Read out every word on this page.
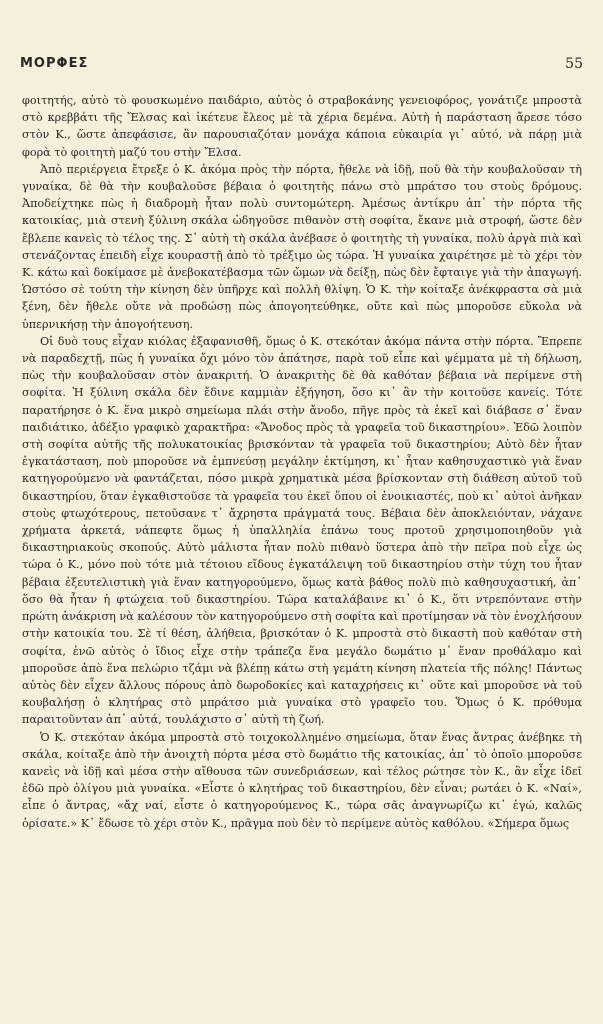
ΜΟΡΦΕΣ	55

φοιτητής, αὐτὸ τὸ φουσκωμένο παιδάριο, αὐτὸς ὁ στραβοκάνης γενειοφόρος, γονάτιζε μπροστὰ στὸ κρεββάτι τῆς Ἔλσας καὶ ἱκέτευε ἔλεος μὲ τὰ χέρια δεμένα. Αὐτὴ ἡ παράσταση ἄρεσε τόσο στὸν Κ., ὥστε ἀπεφάσισε, ἂν παρουσιαζόταν μονάχα κάποια εὐκαιρία γι᾿ αὐτό, νὰ πάρῃ μιὰ φορὰ τὸ φοιτητὴ μαζύ του στὴν Ἔλσα.

Ἀπὸ περιέργεια ἔτρεξε ὁ Κ. ἀκόμα πρὸς τὴν πόρτα, ἤθελε νὰ ἰδῇ, ποῦ θὰ τὴν κουβαλοῦσαν τὴ γυναίκα, δὲ θὰ τὴν κουβαλοῦσε βέβαια ὁ φοιτητὴς πάνω στὸ μπράτσο του στοὺς δρόμους. Ἀποδείχτηκε πὼς ἡ διαδρομὴ ἦταν πολὺ συντομώτερη. Ἀμέσως ἀντίκρυ ἀπ᾿ τὴν πόρτα τῆς κατοικίας, μιὰ στενὴ ξύλινη σκάλα ὡδηγοῦσε πιθανὸν στὴ σοφίτα, ἔκανε μιὰ στροφή, ὥστε δὲν ἔβλεπε κανεὶς τὸ τέλος της. Σ᾿ αὐτὴ τὴ σκάλα ἀνέβασε ὁ φοιτητὴς τὴ γυναίκα, πολὺ ἀργὰ πιὰ καὶ στενάζοντας ἐπειδὴ εἶχε κουραστῇ ἀπὸ τὸ τρέξιμο ὡς τώρα. Ἡ γυναίκα χαιρέτησε μὲ τὸ χέρι τὸν Κ. κάτω καὶ δοκίμασε μὲ ἀνεβοκατέβασμα τῶν ὤμων νὰ δείξῃ, πὼς δὲν ἔφταιγε γιὰ τὴν ἀπαγωγή. Ὡστόσο σὲ τούτη τὴν κίνηση δὲν ὑπῆρχε καὶ πολλὴ θλίψη. Ὁ Κ. τὴν κοίταξε ἀνέκφραστα σὰ μιὰ ξένη, δὲν ἤθελε οὔτε νὰ προδώσῃ πὼς ἀπογοητεύθηκε, οὔτε καὶ πὼς μποροῦσε εὔκολα νὰ ὑπερνικήσῃ τὴν ἀπογοήτευση.

Οἱ δυὸ τους εἶχαν κιόλας ἐξαφανισθῆ, ὅμως ὁ Κ. στεκόταν ἀκόμα πάντα στὴν πόρτα. Ἔπρεπε νὰ παραδεχτῇ, πὼς ἡ γυναίκα ὄχι μόνο τὸν ἀπάτησε, παρὰ τοῦ εἶπε καὶ ψέμματα μὲ τὴ δήλωση, πὼς τὴν κουβαλοῦσαν στὸν ἀνακριτή. Ὁ ἀνακριτὴς δὲ θὰ καθόταν βέβαια νὰ περίμενε στὴ σοφίτα. Ἡ ξύλινη σκάλα δὲν ἔδινε καμμιὰν ἐξήγηση, ὅσο κι᾿ ἂν τὴν κοιτοῦσε κανείς. Τότε παρατήρησε ὁ Κ. ἕνα μικρὸ σημείωμα πλάι στὴν ἄνοδο, πῆγε πρὸς τὰ ἐκεῖ καὶ διάβασε σ᾿ ἕναν παιδιάτικο, ἀδέξιο γραφικὸ χαρακτῆρα: «Ἄνοδος πρὸς τὰ γραφεῖα τοῦ δικαστηρίου». Ἐδῶ λοιπὸν στὴ σοφίτα αὐτῆς τῆς πολυκατοικίας βρισκόνταν τὰ γραφεῖα τοῦ δικαστηρίου; Αὐτὸ δὲν ἦταν ἐγκατάσταση, ποὺ μποροῦσε νὰ ἐμπνεύσῃ μεγάλην ἐκτίμηση, κι᾿ ἦταν καθησυχαστικὸ γιὰ ἕναν κατηγορούμενο νὰ φαντάζεται, πόσο μικρὰ χρηματικὰ μέσα βρίσκονταν στὴ διάθεση αὐτοῦ τοῦ δικαστηρίου, ὅταν ἐγκαθιστοῦσε τὰ γραφεῖα του ἐκεῖ ὅπου οἱ ἐνοικιαστές, ποὺ κι᾿ αὐτοὶ ἀνῆκαν στοὺς φτωχότερους, πετοῦσανε τ᾿ ἄχρηστα πράγματά τους. Βέβαια δὲν ἀποκλειόνταν, νάχανε χρήματα ἀρκετά, νάπεφτε ὅμως ἡ ὑπαλληλία ἐπάνω τους προτοῦ χρησιμοποιηθοῦν γιὰ δικαστηριακοὺς σκοπούς. Αὐτὸ μάλιστα ἦταν πολὺ πιθανὸ ὕστερα ἀπὸ τὴν πεῖρα ποὺ εἶχε ὡς τώρα ὁ Κ., μόνο ποὺ τότε μιὰ τέτοιου εἴδους ἐγκατάλειψη τοῦ δικαστηρίου στὴν τύχη του ἦταν βέβαια ἐξευτελιστικὴ γιὰ ἕναν κατηγορούμενο, ὅμως κατὰ βάθος πολὺ πιὸ καθησυχαστική, ἀπ᾿ ὅσο θὰ ἦταν ἡ φτώχεια τοῦ δικαστηρίου. Τώρα καταλάβαινε κι᾿ ὁ Κ., ὅτι ντρεπόντανε στὴν πρώτη ἀνάκριση νὰ καλέσουν τὸν κατηγορούμενο στὴ σοφίτα καὶ προτίμησαν νὰ τὸν ἐνοχλήσουν στὴν κατοικία του. Σὲ τί θέση, ἀλήθεια, βρισκόταν ὁ Κ. μπροστὰ στὸ δικαστὴ ποὺ καθόταν στὴ σοφίτα, ἐνῶ αὐτὸς ὁ ἴδιος εἶχε στὴν τράπεζα ἕνα μεγάλο δωμάτιο μ᾿ ἕναν προθάλαμο καὶ μποροῦσε ἀπὸ ἕνα πελώριο τζάμι νὰ βλέπῃ κάτω στὴ γεμάτη κίνηση πλατεία τῆς πόλης! Πάντως αὐτὸς δὲν εἶχεν ἄλλους πόρους ἀπὸ δωροδοκίες καὶ καταχρήσεις κι᾿ οὔτε καὶ μποροῦσε νὰ τοῦ κουβαλήσῃ ὁ κλητήρας στὸ μπράτσο μιὰ γυναίκα στὸ γραφεῖο του. Ὅμως ὁ Κ. πρόθυμα παραιτοῦνταν ἀπ᾿ αὐτά, τουλάχιστο σ᾿ αὐτὴ τὴ ζωή.

Ὁ Κ. στεκόταν ἀκόμα μπροστὰ στὸ τοιχοκολλημένο σημείωμα, ὅταν ἕνας ἄντρας ἀνέβηκε τὴ σκάλα, κοίταξε ἀπὸ τὴν ἀνοιχτὴ πόρτα μέσα στὸ δωμάτιο τῆς κατοικίας, ἀπ᾿ τὸ ὁποῖο μποροῦσε κανεὶς νὰ ἰδῇ καὶ μέσα στὴν αἴθουσα τῶν συνεδριάσεων, καὶ τέλος ρώτησε τὸν Κ., ἂν εἶχε ἰδεῖ ἐδῶ πρὸ ὀλίγου μιὰ γυναίκα. «Εἶστε ὁ κλητήρας τοῦ δικαστηρίου, δὲν εἶναι; ρωτάει ὁ Κ. «Ναί», εἶπε ὁ ἄντρας, «ἄχ ναί, εἶστε ὁ κατηγορούμενος Κ., τώρα σᾶς ἀναγνωρίζω κι᾿ ἐγώ, καλῶς ὁρίσατε.» Κ᾿ ἔδωσε τὸ χέρι στὸν Κ., πρᾶγμα ποὺ δὲν τὸ περίμενε αὐτὸς καθόλου. «Σήμερα ὅμως
